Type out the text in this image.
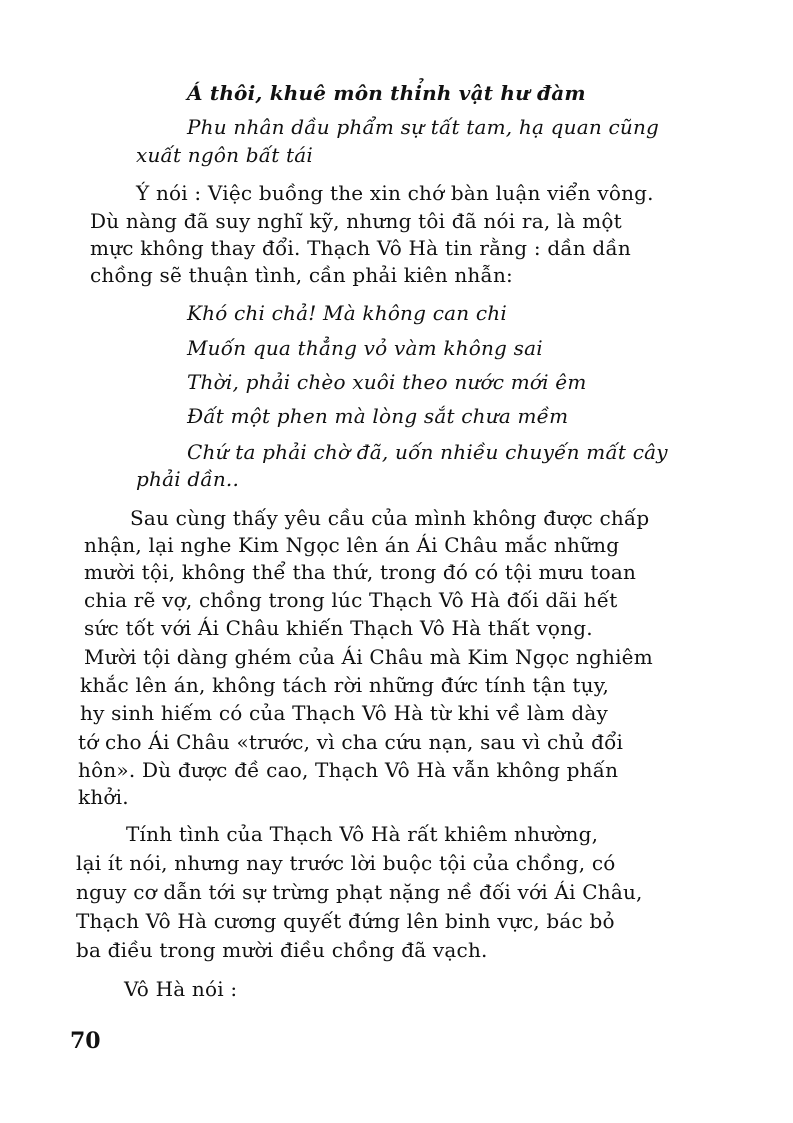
Á thôi, khuê môn thỉnh vật hư đàm
Phu nhân dầu phẩm sự tất tam, hạ quan cũng
xuất ngôn bất tái
Ý nói : Việc buồng the xin chớ bàn luận viển vông.
Dù nàng đã suy nghĩ kỹ, nhưng tôi đã nói ra, là một
mực không thay đổi. Thạch Vô Hà tin rằng : dần dần
chồng sẽ thuận tình, cần phải kiên nhẫn:
Khó chi chả! Mà không can chi
Muốn qua thẳng vỏ vàm không sai
Thời, phải chèo xuôi theo nước mới êm
Đất một phen mà lòng sắt chưa mềm
Chứ ta phải chờ đã, uốn nhiều chuyến mất cây
phải dần..
Sau cùng thấy yêu cầu của mình không được chấp
nhận, lại nghe Kim Ngọc lên án Ái Châu mắc những
mười tội, không thể tha thứ, trong đó có tội mưu toan
chia rẽ vợ, chồng trong lúc Thạch Vô Hà đối dãi hết
sức tốt với Ái Châu khiến Thạch Vô Hà thất vọng.
Mười tội dàng ghém của Ái Châu mà Kim Ngọc nghiêm
khắc lên án, không tách rời những đức tính tận tụy,
hy sinh hiếm có của Thạch Vô Hà từ khi về làm dày
tớ cho Ái Châu «trước, vì cha cứu nạn, sau vì chủ đổi
hôn». Dù được đề cao, Thạch Vô Hà vẫn không phấn
khởi.
Tính tình của Thạch Vô Hà rất khiêm nhường,
lại ít nói, nhưng nay trước lời buộc tội của chồng, có
nguy cơ dẫn tới sự trừng phạt nặng nề đối với Ái Châu,
Thạch Vô Hà cương quyết đứng lên binh vực, bác bỏ
ba điều trong mười điều chồng đã vạch.
Vô Hà nói :
70
